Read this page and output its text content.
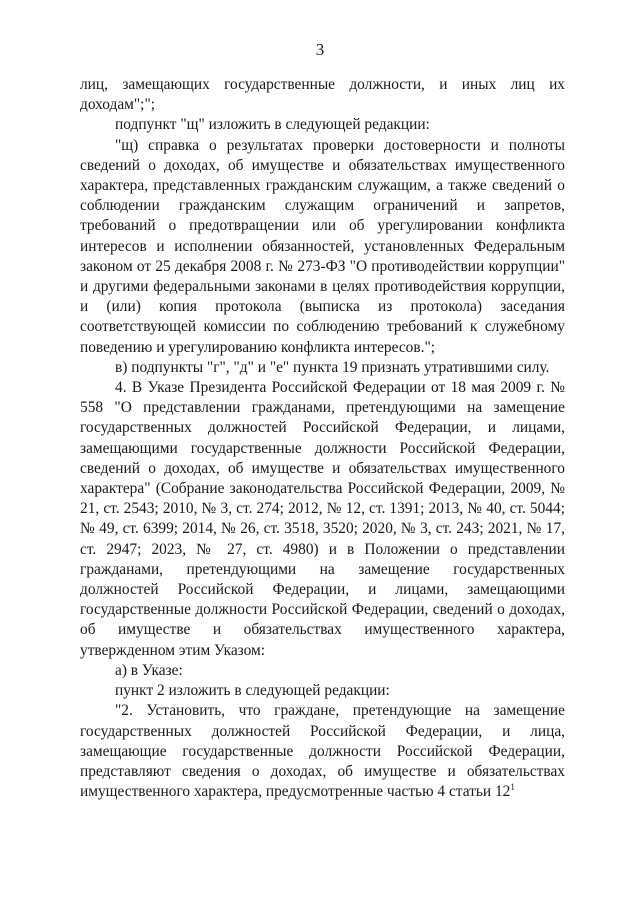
3

лиц, замещающих государственные должности, и иных лиц их доходам";";

подпункт "щ" изложить в следующей редакции:

"щ) справка о результатах проверки достоверности и полноты сведений о доходах, об имуществе и обязательствах имущественного характера, представленных гражданским служащим, а также сведений о соблюдении гражданским служащим ограничений и запретов, требований о предотвращении или об урегулировании конфликта интересов и исполнении обязанностей, установленных Федеральным законом от 25 декабря 2008 г. № 273-ФЗ "О противодействии коррупции" и другими федеральными законами в целях противодействия коррупции, и (или) копия протокола (выписка из протокола) заседания соответствующей комиссии по соблюдению требований к служебному поведению и урегулированию конфликта интересов.";

в) подпункты "г", "д" и "е" пункта 19 признать утратившими силу.

4. В Указе Президента Российской Федерации от 18 мая 2009 г. № 558 "О представлении гражданами, претендующими на замещение государственных должностей Российской Федерации, и лицами, замещающими государственные должности Российской Федерации, сведений о доходах, об имуществе и обязательствах имущественного характера" (Собрание законодательства Российской Федерации, 2009, № 21, ст. 2543; 2010, № 3, ст. 274; 2012, № 12, ст. 1391; 2013, № 40, ст. 5044; № 49, ст. 6399; 2014, № 26, ст. 3518, 3520; 2020, № 3, ст. 243; 2021, № 17, ст. 2947; 2023, № 27, ст. 4980) и в Положении о представлении гражданами, претендующими на замещение государственных должностей Российской Федерации, и лицами, замещающими государственные должности Российской Федерации, сведений о доходах, об имуществе и обязательствах имущественного характера, утвержденном этим Указом:

а) в Указе:

пункт 2 изложить в следующей редакции:

"2. Установить, что граждане, претендующие на замещение государственных должностей Российской Федерации, и лица, замещающие государственные должности Российской Федерации, представляют сведения о доходах, об имуществе и обязательствах имущественного характера, предусмотренные частью 4 статьи $12^1$
